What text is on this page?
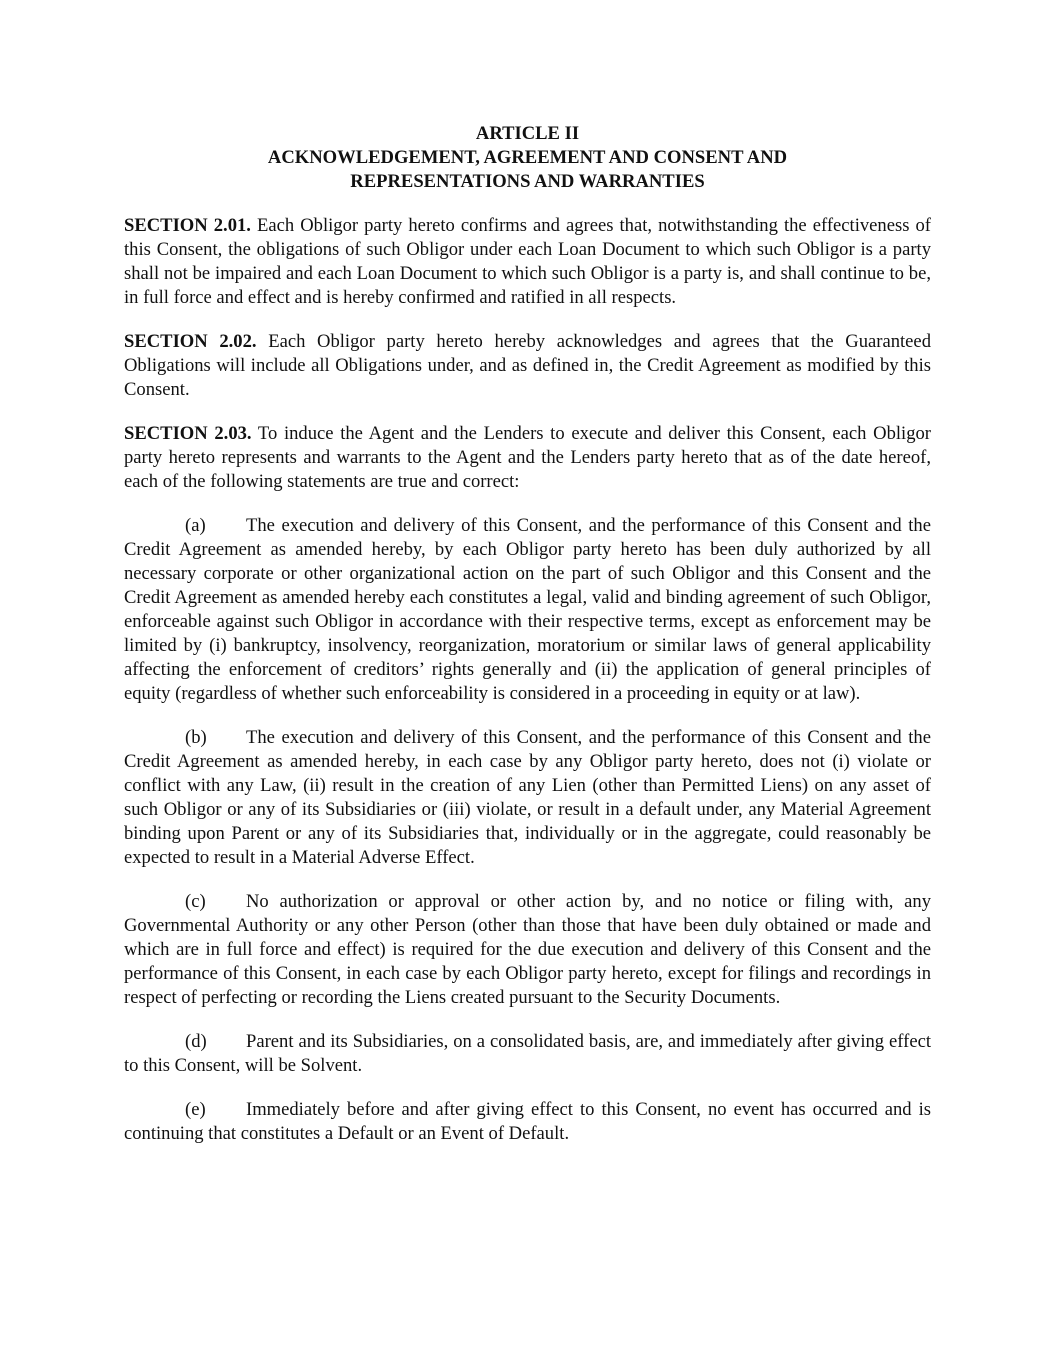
ARTICLE II
ACKNOWLEDGEMENT, AGREEMENT AND CONSENT AND
REPRESENTATIONS AND WARRANTIES

SECTION 2.01. Each Obligor party hereto confirms and agrees that, notwithstanding the effectiveness of this Consent, the obligations of such Obligor under each Loan Document to which such Obligor is a party shall not be impaired and each Loan Document to which such Obligor is a party is, and shall continue to be, in full force and effect and is hereby confirmed and ratified in all respects.

SECTION 2.02. Each Obligor party hereto hereby acknowledges and agrees that the Guaranteed Obligations will include all Obligations under, and as defined in, the Credit Agreement as modified by this Consent.

SECTION 2.03. To induce the Agent and the Lenders to execute and deliver this Consent, each Obligor party hereto represents and warrants to the Agent and the Lenders party hereto that as of the date hereof, each of the following statements are true and correct:

(a) The execution and delivery of this Consent, and the performance of this Consent and the Credit Agreement as amended hereby, by each Obligor party hereto has been duly authorized by all necessary corporate or other organizational action on the part of such Obligor and this Consent and the Credit Agreement as amended hereby each constitutes a legal, valid and binding agreement of such Obligor, enforceable against such Obligor in accordance with their respective terms, except as enforcement may be limited by (i) bankruptcy, insolvency, reorganization, moratorium or similar laws of general applicability affecting the enforcement of creditors’ rights generally and (ii) the application of general principles of equity (regardless of whether such enforceability is considered in a proceeding in equity or at law).

(b) The execution and delivery of this Consent, and the performance of this Consent and the Credit Agreement as amended hereby, in each case by any Obligor party hereto, does not (i) violate or conflict with any Law, (ii) result in the creation of any Lien (other than Permitted Liens) on any asset of such Obligor or any of its Subsidiaries or (iii) violate, or result in a default under, any Material Agreement binding upon Parent or any of its Subsidiaries that, individually or in the aggregate, could reasonably be expected to result in a Material Adverse Effect.

(c) No authorization or approval or other action by, and no notice or filing with, any Governmental Authority or any other Person (other than those that have been duly obtained or made and which are in full force and effect) is required for the due execution and delivery of this Consent and the performance of this Consent, in each case by each Obligor party hereto, except for filings and recordings in respect of perfecting or recording the Liens created pursuant to the Security Documents.

(d) Parent and its Subsidiaries, on a consolidated basis, are, and immediately after giving effect to this Consent, will be Solvent.

(e) Immediately before and after giving effect to this Consent, no event has occurred and is continuing that constitutes a Default or an Event of Default.
